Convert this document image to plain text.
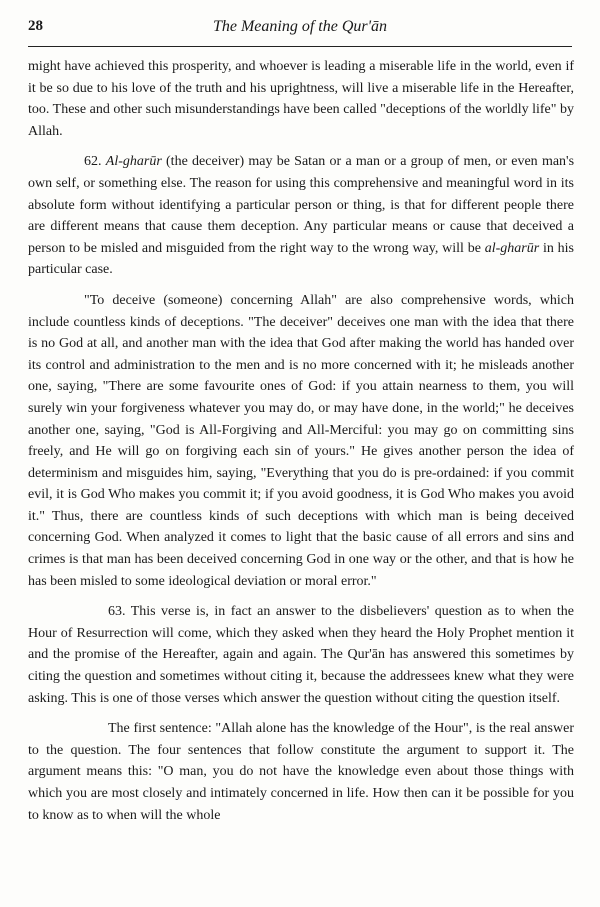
28	The Meaning of the Qur'ān

might have achieved this prosperity, and whoever is leading a miserable life in the world, even if it be so due to his love of the truth and his uprightness, will live a miserable life in the Hereafter, too. These and other such misunderstandings have been called "deceptions of the worldly life" by Allah.

62. Al-gharūr (the deceiver) may be Satan or a man or a group of men, or even man's own self, or something else. The reason for using this comprehensive and meaningful word in its absolute form without identifying a particular person or thing, is that for different people there are different means that cause them deception. Any particular means or cause that deceived a person to be misled and misguided from the right way to the wrong way, will be al-gharūr in his particular case.

"To deceive (someone) concerning Allah" are also comprehensive words, which include countless kinds of deceptions. "The deceiver" deceives one man with the idea that there is no God at all, and another man with the idea that God after making the world has handed over its control and administration to the men and is no more concerned with it; he misleads another one, saying, "There are some favourite ones of God: if you attain nearness to them, you will surely win your forgiveness whatever you may do, or may have done, in the world;" he deceives another one, saying, "God is All-Forgiving and All-Merciful: you may go on committing sins freely, and He will go on forgiving each sin of yours." He gives another person the idea of determinism and misguides him, saying, "Everything that you do is pre-ordained: if you commit evil, it is God Who makes you commit it; if you avoid goodness, it is God Who makes you avoid it." Thus, there are countless kinds of such deceptions with which man is being deceived concerning God. When analyzed it comes to light that the basic cause of all errors and sins and crimes is that man has been deceived concerning God in one way or the other, and that is how he has been misled to some ideological deviation or moral error."

63. This verse is, in fact an answer to the disbelievers' question as to when the Hour of Resurrection will come, which they asked when they heard the Holy Prophet mention it and the promise of the Hereafter, again and again. The Qur'ān has answered this sometimes by citing the question and sometimes without citing it, because the addressees knew what they were asking. This is one of those verses which answer the question without citing the question itself.

The first sentence: "Allah alone has the knowledge of the Hour", is the real answer to the question. The four sentences that follow constitute the argument to support it. The argument means this: "O man, you do not have the knowledge even about those things with which you are most closely and intimately concerned in life. How then can it be possible for you to know as to when will the whole
